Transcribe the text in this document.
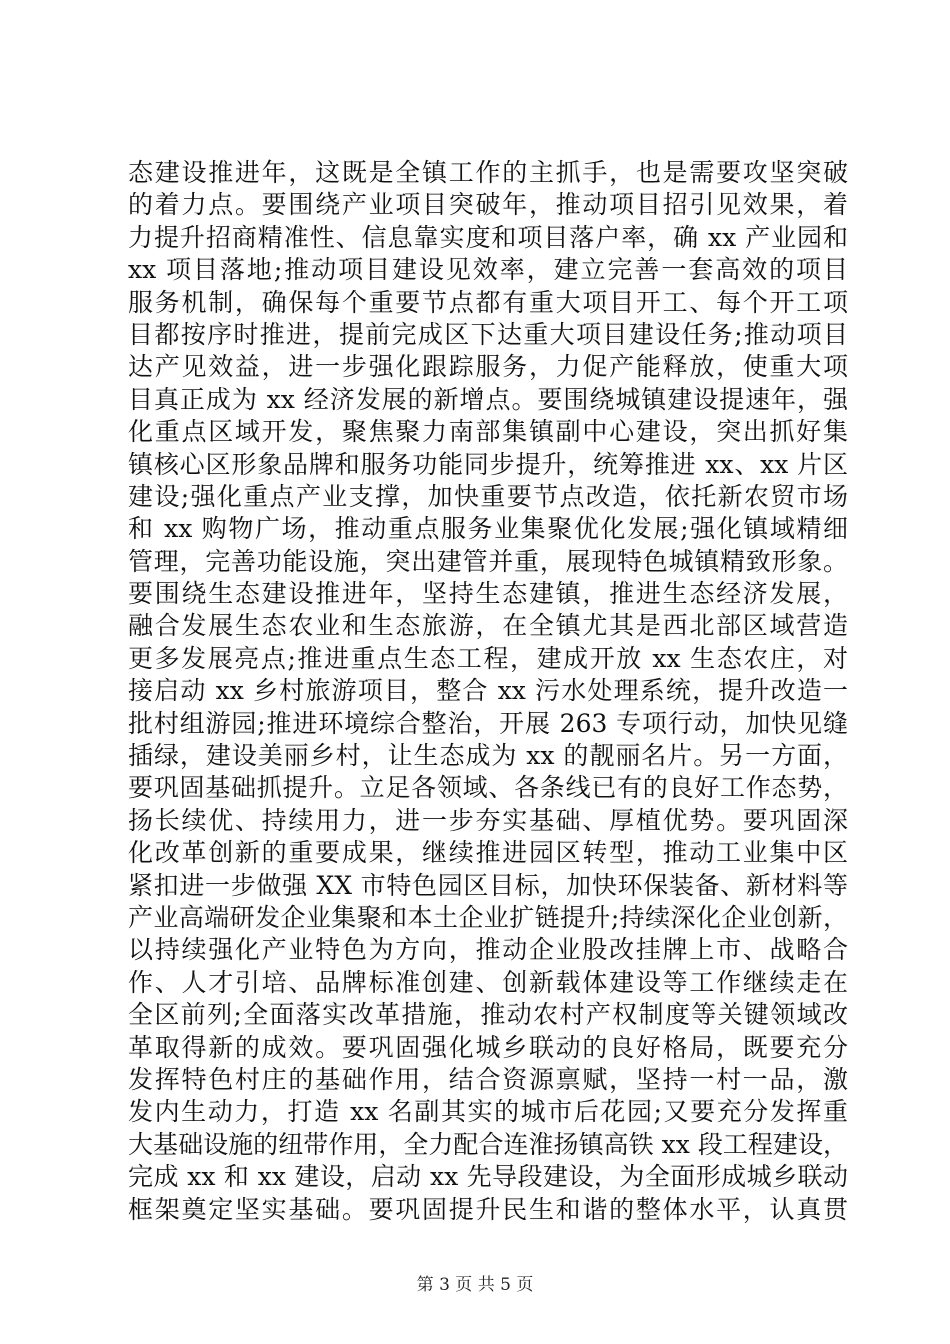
态建设推进年，这既是全镇工作的主抓手，也是需要攻坚突破
的着力点。要围绕产业项目突破年，推动项目招引见效果，着
力提升招商精准性、信息靠实度和项目落户率，确 xx 产业园和
xx 项目落地;推动项目建设见效率，建立完善一套高效的项目
服务机制，确保每个重要节点都有重大项目开工、每个开工项
目都按序时推进，提前完成区下达重大项目建设任务;推动项目
达产见效益，进一步强化跟踪服务，力促产能释放，使重大项
目真正成为 xx 经济发展的新增点。要围绕城镇建设提速年，强
化重点区域开发，聚焦聚力南部集镇副中心建设，突出抓好集
镇核心区形象品牌和服务功能同步提升，统筹推进 xx、xx 片区
建设;强化重点产业支撑，加快重要节点改造，依托新农贸市场
和 xx 购物广场，推动重点服务业集聚优化发展;强化镇域精细
管理，完善功能设施，突出建管并重，展现特色城镇精致形象。
要围绕生态建设推进年，坚持生态建镇，推进生态经济发展，
融合发展生态农业和生态旅游，在全镇尤其是西北部区域营造
更多发展亮点;推进重点生态工程，建成开放 xx 生态农庄，对
接启动 xx 乡村旅游项目，整合 xx 污水处理系统，提升改造一
批村组游园;推进环境综合整治，开展 263 专项行动，加快见缝
插绿，建设美丽乡村，让生态成为 xx 的靓丽名片。另一方面，
要巩固基础抓提升。立足各领域、各条线已有的良好工作态势，
扬长续优、持续用力，进一步夯实基础、厚植优势。要巩固深
化改革创新的重要成果，继续推进园区转型，推动工业集中区
紧扣进一步做强 XX 市特色园区目标，加快环保装备、新材料等
产业高端研发企业集聚和本土企业扩链提升;持续深化企业创新，
以持续强化产业特色为方向，推动企业股改挂牌上市、战略合
作、人才引培、品牌标准创建、创新载体建设等工作继续走在
全区前列;全面落实改革措施，推动农村产权制度等关键领域改
革取得新的成效。要巩固强化城乡联动的良好格局，既要充分
发挥特色村庄的基础作用，结合资源禀赋，坚持一村一品，激
发内生动力，打造 xx 名副其实的城市后花园;又要充分发挥重
大基础设施的纽带作用，全力配合连淮扬镇高铁 xx 段工程建设，
完成 xx 和 xx 建设，启动 xx 先导段建设，为全面形成城乡联动
框架奠定坚实基础。要巩固提升民生和谐的整体水平，认真贯
第 3 页 共 5 页
